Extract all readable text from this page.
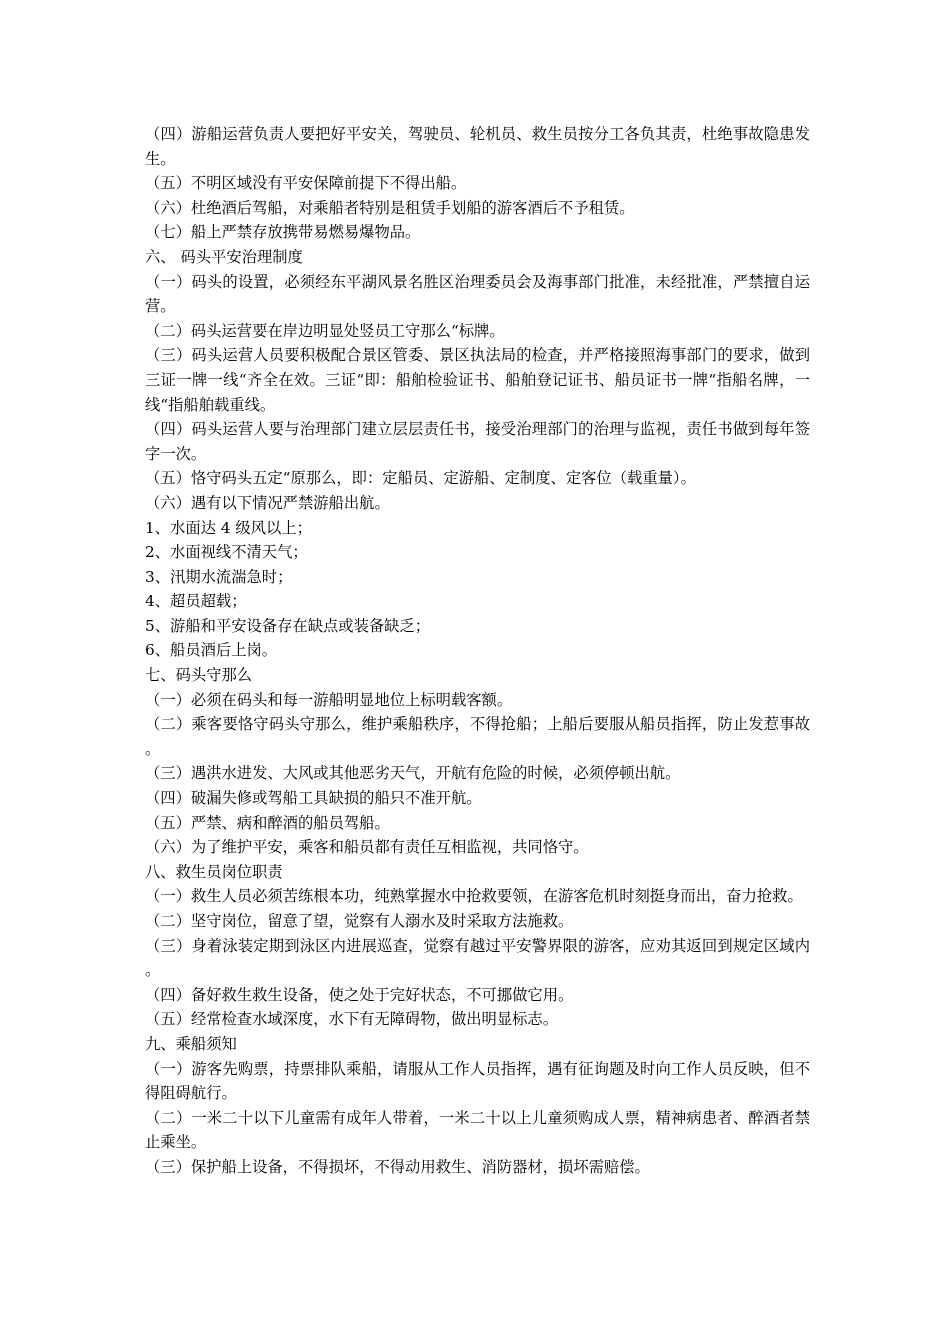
（四）游船运营负责人要把好平安关，驾驶员、轮机员、救生员按分工各负其责，杜绝事故隐患发生。

（五）不明区域没有平安保障前提下不得出船。

（六）杜绝酒后驾船，对乘船者特别是租赁手划船的游客酒后不予租赁。

（七）船上严禁存放携带易燃易爆物品。

六、 码头平安治理制度

（一）码头的设置，必须经东平湖风景名胜区治理委员会及海事部门批准，未经批准，严禁擅自运营。

（二）码头运营要在岸边明显处竖员工守那么“标牌。

（三）码头运营人员要积极配合景区管委、景区执法局的检查，并严格接照海事部门的要求，做到三证一牌一线“齐全在效。三证“即：船舶检验证书、船舶登记证书、船员证书一牌“指船名牌，一线“指船舶载重线。

（四）码头运营人要与治理部门建立层层责任书，接受治理部门的治理与监视，责任书做到每年签字一次。

（五）恪守码头五定“原那么，即：定船员、定游船、定制度、定客位（载重量）。

（六）遇有以下情况严禁游船出航。

1、水面达 4 级风以上；

2、水面视线不清天气；

3、汛期水流湍急时；

4、超员超载；

5、游船和平安设备存在缺点或装备缺乏；

6、船员酒后上岗。

七、码头守那么

（一）必须在码头和每一游船明显地位上标明载客额。

（二）乘客要恪守码头守那么，维护乘船秩序，不得抢船；上船后要服从船员指挥，防止发惹事故。

（三）遇洪水进发、大风或其他恶劣天气，开航有危险的时候，必须停顿出航。

（四）破漏失修或驾船工具缺损的船只不准开航。

（五）严禁、病和醉酒的船员驾船。

（六）为了维护平安，乘客和船员都有责任互相监视，共同恪守。

八、救生员岗位职责

（一）救生人员必须苦练根本功，纯熟掌握水中抢救要领，在游客危机时刻挺身而出，奋力抢救。

（二）坚守岗位，留意了望，觉察有人溺水及时采取方法施救。

（三）身着泳装定期到泳区内进展巡查，觉察有越过平安警界限的游客，应劝其返回到规定区域内。

（四）备好救生救生设备，使之处于完好状态，不可挪做它用。

（五）经常检查水域深度，水下有无障碍物，做出明显标志。

九、乘船须知

（一）游客先购票，持票排队乘船，请服从工作人员指挥，遇有征询题及时向工作人员反映，但不得阻碍航行。

（二）一米二十以下儿童需有成年人带着，一米二十以上儿童须购成人票，精神病患者、醉酒者禁止乘坐。

（三）保护船上设备，不得损坏，不得动用救生、消防器材，损坏需赔偿。
